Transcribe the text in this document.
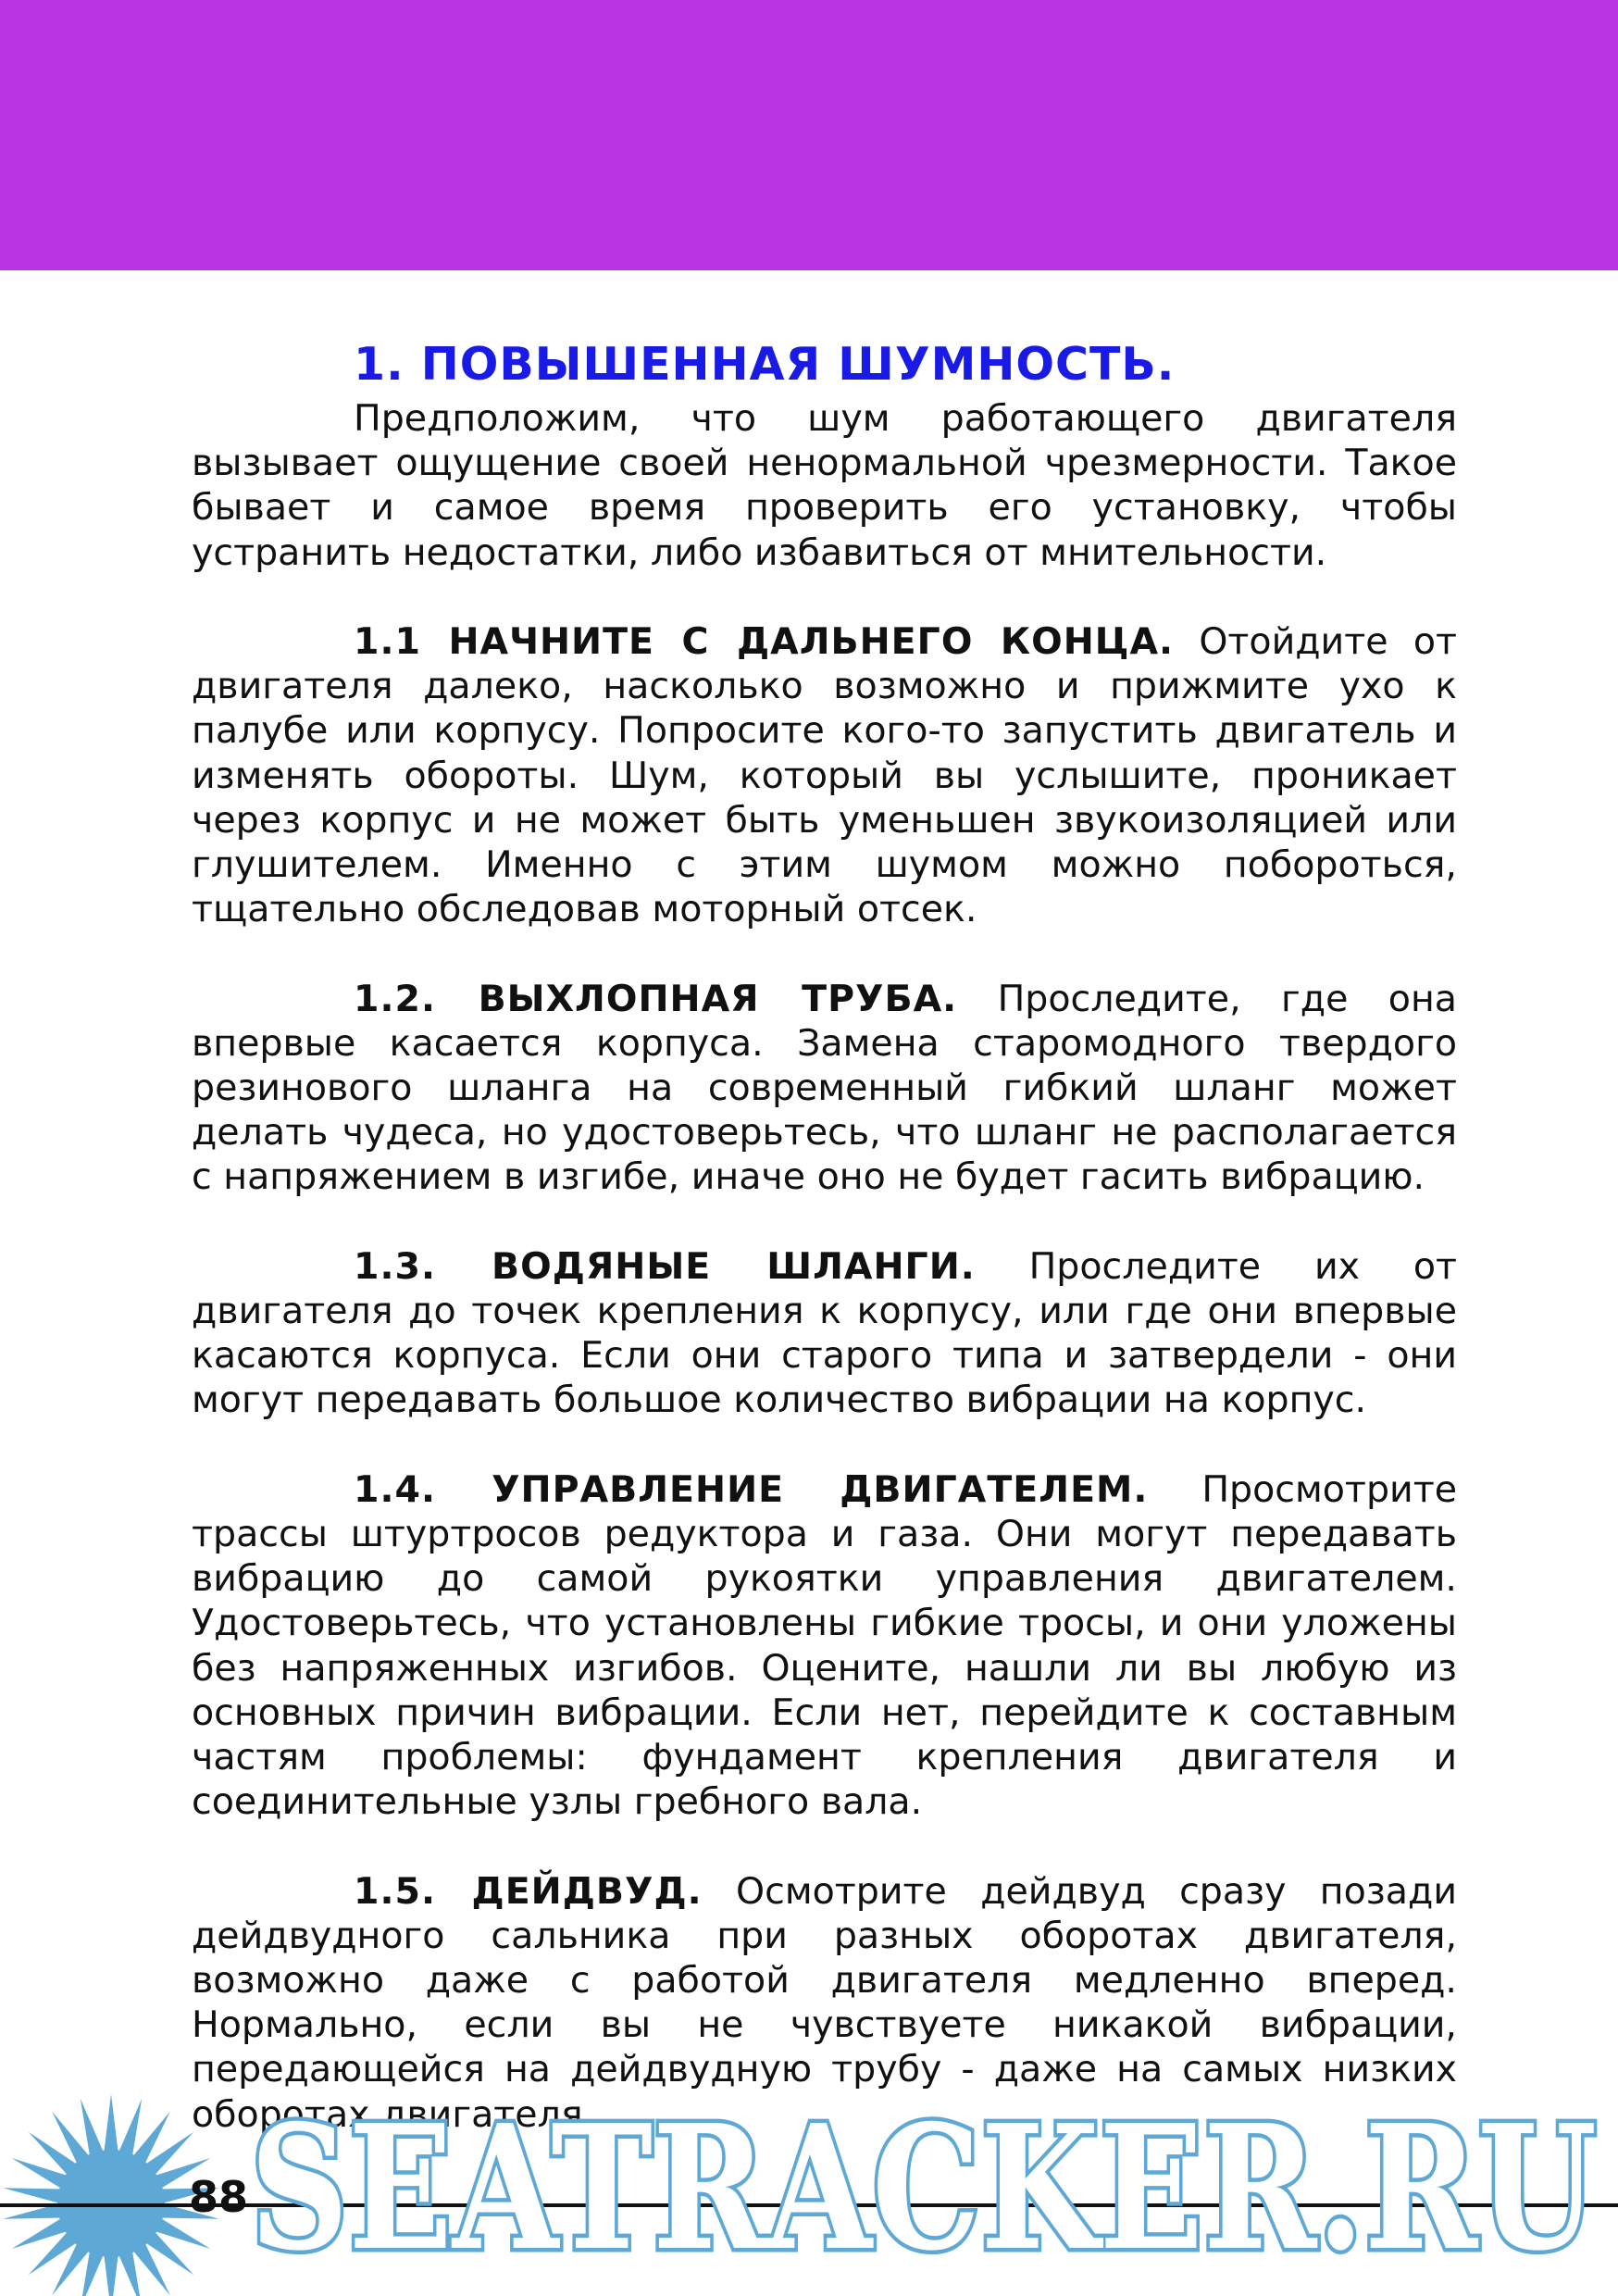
1. ПОВЫШЕННАЯ ШУМНОСТЬ.

Предположим, что шум работающего двигателя вызывает ощущение своей ненормальной чрезмерности. Такое бывает и самое время проверить его установку, чтобы устранить недостатки, либо избавиться от мнительности.

1.1 НАЧНИТЕ С ДАЛЬНЕГО КОНЦА. Отойдите от двигателя далеко, насколько возможно и прижмите ухо к палубе или корпусу. Попросите кого-то запустить двигатель и изменять обороты. Шум, который вы услышите, проникает через корпус и не может быть уменьшен звукоизоляцией или глушителем. Именно с этим шумом можно побороться, тщательно обследовав моторный отсек.

1.2. ВЫХЛОПНАЯ ТРУБА. Проследите, где она впервые касается корпуса. Замена старомодного твердого резинового шланга на современный гибкий шланг может делать чудеса, но удостоверьтесь, что шланг не располагается с напряжением в изгибе, иначе оно не будет гасить вибрацию.

1.3. ВОДЯНЫЕ ШЛАНГИ. Проследите их от двигателя до точек крепления к корпусу, или где они впервые касаются корпуса. Если они старого типа и затвердели - они могут передавать большое количество вибрации на корпус.

1.4. УПРАВЛЕНИЕ ДВИГАТЕЛЕМ. Просмотрите трассы штуртросов редуктора и газа. Они могут передавать вибрацию до самой рукоятки управления двигателем. Удостоверьтесь, что установлены гибкие тросы, и они уложены без напряженных изгибов. Оцените, нашли ли вы любую из основных причин вибрации. Если нет, перейдите к составным частям проблемы: фундамент крепления двигателя и соединительные узлы гребного вала.

1.5. ДЕЙДВУД. Осмотрите дейдвуд сразу позади дейдвудного сальника при разных оборотах двигателя, возможно даже с работой двигателя медленно вперед. Нормально, если вы не чувствуете никакой вибрации, передающейся на дейдвудную трубу - даже на самых низких оборотах двигателя.

SEATRACKER.RU
88
